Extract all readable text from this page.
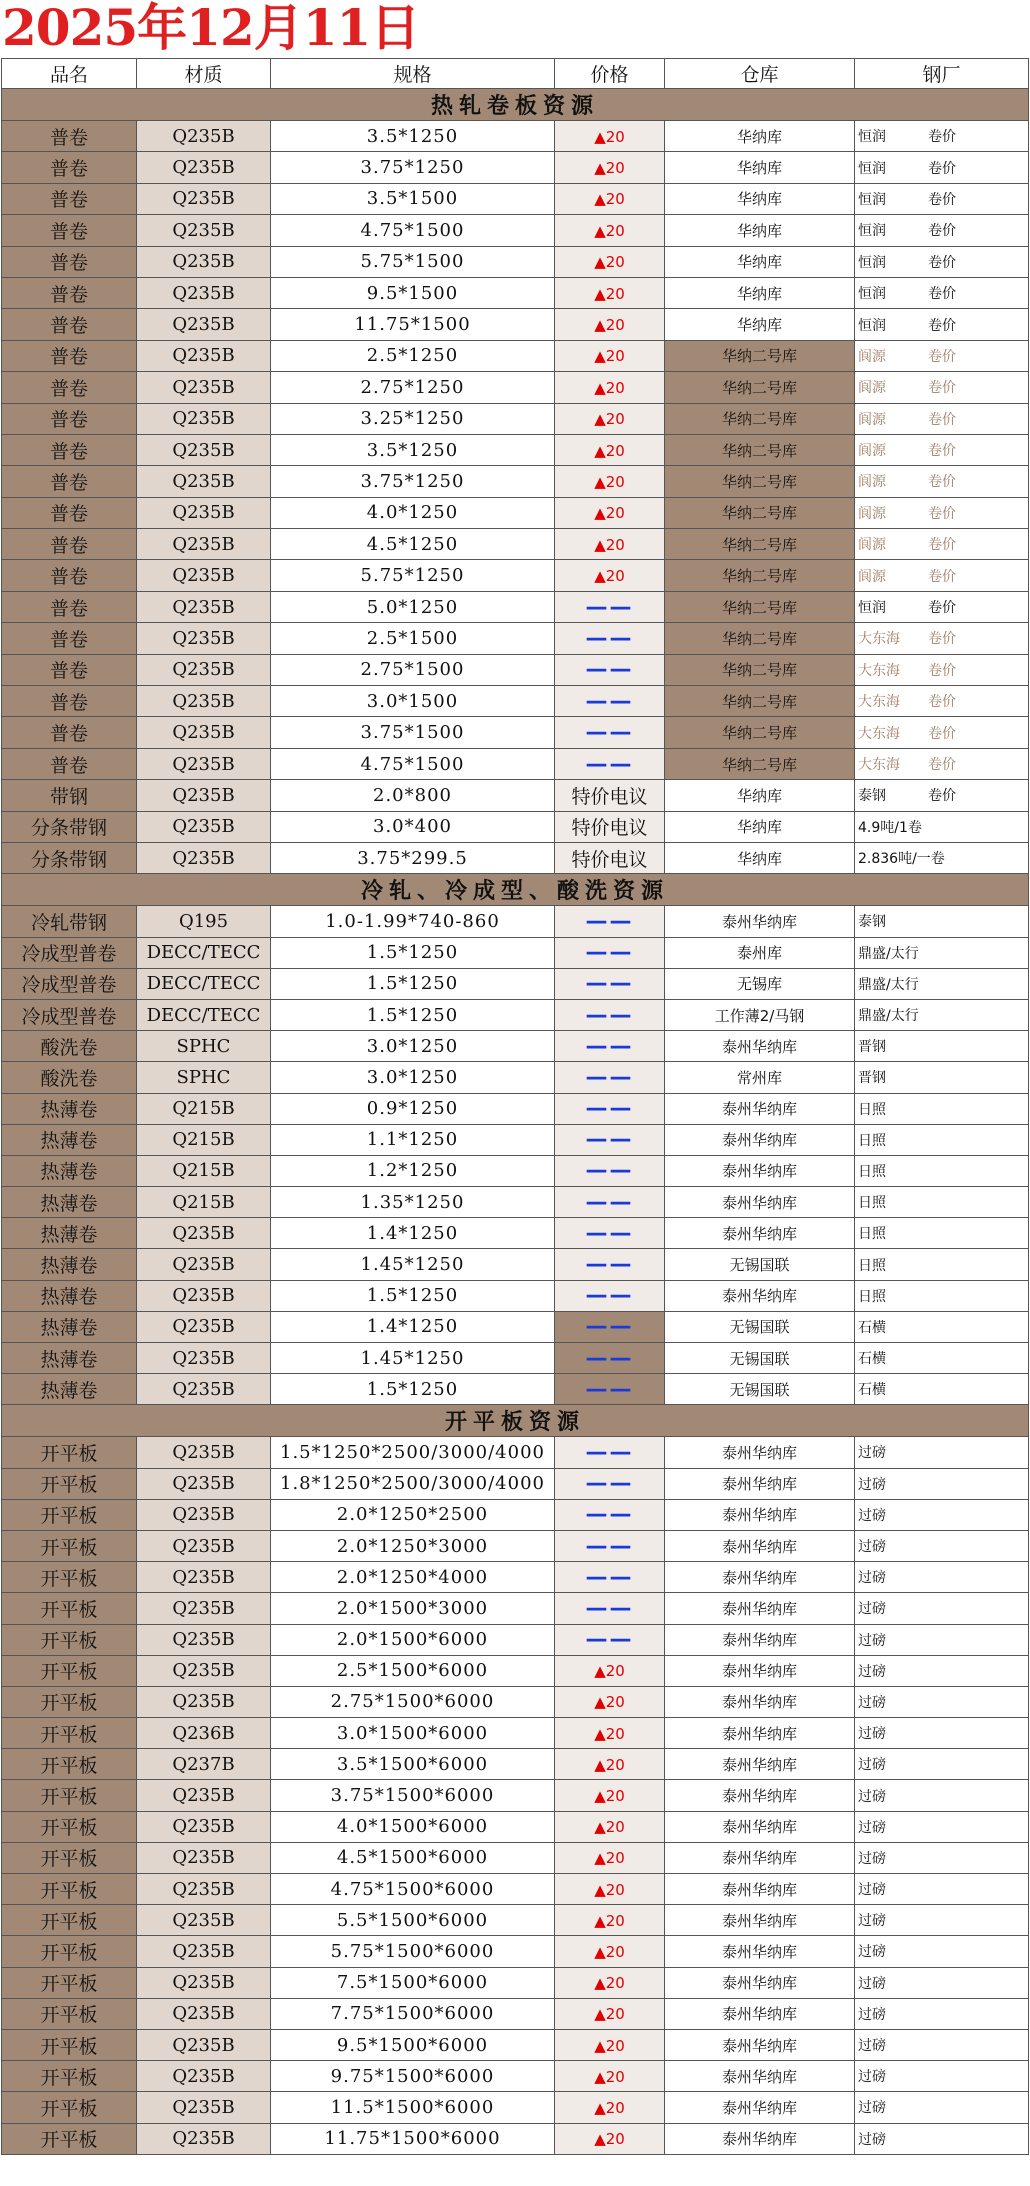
2025年12月11日
品名	材质	规格	价格	仓库	钢厂
热轧卷板资源					
普卷	Q235B	3.5*1250	▲20	华纳库	恒润 卷价
普卷	Q235B	3.75*1250	▲20	华纳库	恒润 卷价
普卷	Q235B	3.5*1500	▲20	华纳库	恒润 卷价
普卷	Q235B	4.75*1500	▲20	华纳库	恒润 卷价
普卷	Q235B	5.75*1500	▲20	华纳库	恒润 卷价
普卷	Q235B	9.5*1500	▲20	华纳库	恒润 卷价
普卷	Q235B	11.75*1500	▲20	华纳库	恒润 卷价
普卷	Q235B	2.5*1250	▲20	华纳二号库	阆源 卷价
普卷	Q235B	2.75*1250	▲20	华纳二号库	阆源 卷价
普卷	Q235B	3.25*1250	▲20	华纳二号库	阆源 卷价
普卷	Q235B	3.5*1250	▲20	华纳二号库	阆源 卷价
普卷	Q235B	3.75*1250	▲20	华纳二号库	阆源 卷价
普卷	Q235B	4.0*1250	▲20	华纳二号库	阆源 卷价
普卷	Q235B	4.5*1250	▲20	华纳二号库	阆源 卷价
普卷	Q235B	5.75*1250	▲20	华纳二号库	阆源 卷价
普卷	Q235B	5.0*1250	——	华纳二号库	恒润 卷价
普卷	Q235B	2.5*1500	——	华纳二号库	大东海 卷价
普卷	Q235B	2.75*1500	——	华纳二号库	大东海 卷价
普卷	Q235B	3.0*1500	——	华纳二号库	大东海 卷价
普卷	Q235B	3.75*1500	——	华纳二号库	大东海 卷价
普卷	Q235B	4.75*1500	——	华纳二号库	大东海 卷价
带钢	Q235B	2.0*800	特价电议	华纳库	泰钢 卷价
分条带钢	Q235B	3.0*400	特价电议	华纳库	4.9吨/1卷
分条带钢	Q235B	3.75*299.5	特价电议	华纳库	2.836吨/一卷
冷轧、冷成型、酸洗资源					
冷轧带钢	Q195	1.0-1.99*740-860	——	泰州华纳库	泰钢
冷成型普卷	DECC/TECC	1.5*1250	——	泰州库	鼎盛/太行
冷成型普卷	DECC/TECC	1.5*1250	——	无锡库	鼎盛/太行
冷成型普卷	DECC/TECC	1.5*1250	——	工作薄2/马钢	鼎盛/太行
酸洗卷	SPHC	3.0*1250	——	泰州华纳库	晋钢
酸洗卷	SPHC	3.0*1250	——	常州库	晋钢
热薄卷	Q215B	0.9*1250	——	泰州华纳库	日照
热薄卷	Q215B	1.1*1250	——	泰州华纳库	日照
热薄卷	Q215B	1.2*1250	——	泰州华纳库	日照
热薄卷	Q215B	1.35*1250	——	泰州华纳库	日照
热薄卷	Q235B	1.4*1250	——	泰州华纳库	日照
热薄卷	Q235B	1.45*1250	——	无锡国联	日照
热薄卷	Q235B	1.5*1250	——	泰州华纳库	日照
热薄卷	Q235B	1.4*1250	——	无锡国联	石横
热薄卷	Q235B	1.45*1250	——	无锡国联	石横
热薄卷	Q235B	1.5*1250	——	无锡国联	石横
开平板资源					
开平板	Q235B	1.5*1250*2500/3000/4000	——	泰州华纳库	过磅
开平板	Q235B	1.8*1250*2500/3000/4000	——	泰州华纳库	过磅
开平板	Q235B	2.0*1250*2500	——	泰州华纳库	过磅
开平板	Q235B	2.0*1250*3000	——	泰州华纳库	过磅
开平板	Q235B	2.0*1250*4000	——	泰州华纳库	过磅
开平板	Q235B	2.0*1500*3000	——	泰州华纳库	过磅
开平板	Q235B	2.0*1500*6000	——	泰州华纳库	过磅
开平板	Q235B	2.5*1500*6000	▲20	泰州华纳库	过磅
开平板	Q235B	2.75*1500*6000	▲20	泰州华纳库	过磅
开平板	Q236B	3.0*1500*6000	▲20	泰州华纳库	过磅
开平板	Q237B	3.5*1500*6000	▲20	泰州华纳库	过磅
开平板	Q235B	3.75*1500*6000	▲20	泰州华纳库	过磅
开平板	Q235B	4.0*1500*6000	▲20	泰州华纳库	过磅
开平板	Q235B	4.5*1500*6000	▲20	泰州华纳库	过磅
开平板	Q235B	4.75*1500*6000	▲20	泰州华纳库	过磅
开平板	Q235B	5.5*1500*6000	▲20	泰州华纳库	过磅
开平板	Q235B	5.75*1500*6000	▲20	泰州华纳库	过磅
开平板	Q235B	7.5*1500*6000	▲20	泰州华纳库	过磅
开平板	Q235B	7.75*1500*6000	▲20	泰州华纳库	过磅
开平板	Q235B	9.5*1500*6000	▲20	泰州华纳库	过磅
开平板	Q235B	9.75*1500*6000	▲20	泰州华纳库	过磅
开平板	Q235B	11.5*1500*6000	▲20	泰州华纳库	过磅
开平板	Q235B	11.75*1500*6000	▲20	泰州华纳库	过磅
